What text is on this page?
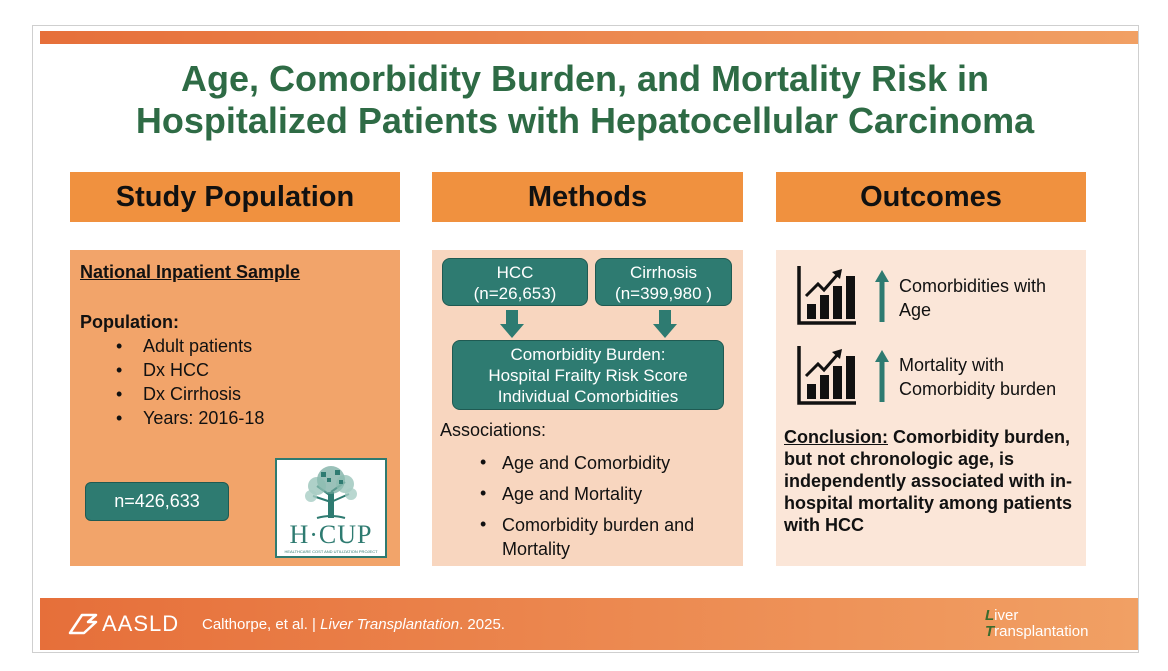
Age, Comorbidity Burden, and Mortality Risk in
Hospitalized Patients with Hepatocellular Carcinoma
Study Population	Methods	Outcomes
National Inpatient Sample
Population:
• Adult patients
• Dx HCC
• Dx Cirrhosis
• Years: 2016-18
n=426,633
H·CUP
HEALTHCARE COST AND UTILIZATION PROJECT
HCC
(n=26,653)
Cirrhosis
(n=399,980 )
Comorbidity Burden:
Hospital Frailty Risk Score
Individual Comorbidities
Associations:
• Age and Comorbidity
• Age and Mortality
• Comorbidity burden and Mortality
Comorbidities with
Age
Mortality with
Comorbidity burden
Conclusion: Comorbidity burden, but not chronologic age, is independently associated with in-hospital mortality among patients with HCC
AASLD Calthorpe, et al. | Liver Transplantation. 2025.
Liver
Transplantation
